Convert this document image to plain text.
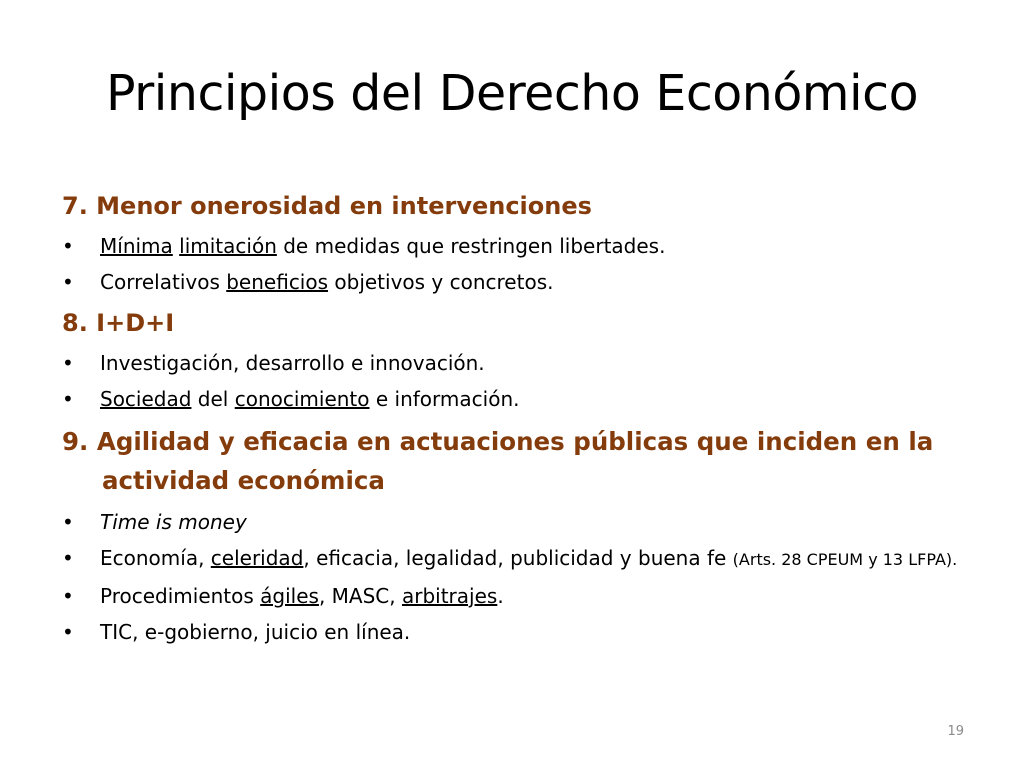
Principios del Derecho Económico
7. Menor onerosidad en intervenciones
• Mínima limitación de medidas que restringen libertades.
• Correlativos beneficios objetivos y concretos.
8. I+D+I
• Investigación, desarrollo e innovación.
• Sociedad del conocimiento e información.
9. Agilidad y eficacia en actuaciones públicas que inciden en la actividad económica
• Time is money
• Economía, celeridad, eficacia, legalidad, publicidad y buena fe (Arts. 28 CPEUM y 13 LFPA).
• Procedimientos ágiles, MASC, arbitrajes.
• TIC, e-gobierno, juicio en línea.
19
